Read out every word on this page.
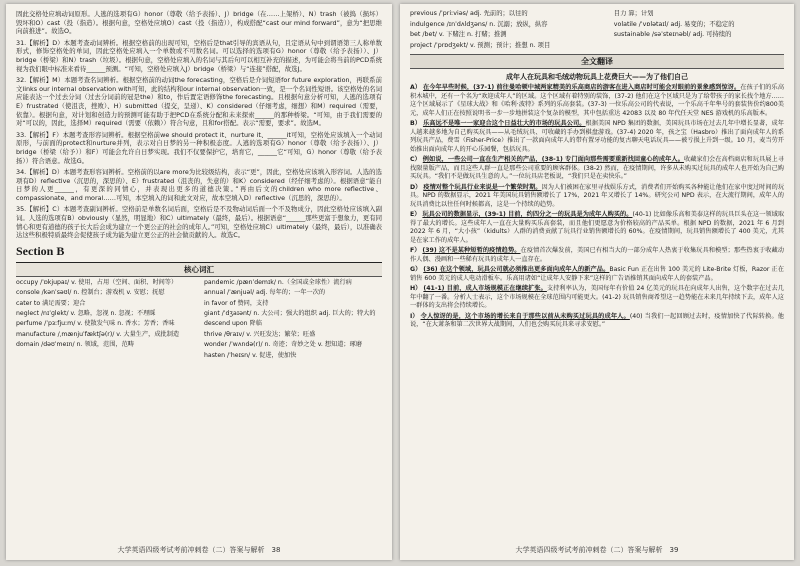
固此交格处应填动词原形。人逃的选项有G）honor（尊敬（给予表扬）、J）bridge（在……上架桥）、N）trash（被捣（损坏）毁坏和O）cast（投（指造）。根据句意，空格处应填O）cast（投（指造）），构成搭配“cast our mind forward”，意为“把思维向前推进”。故选O。

31.【解析】D）本题考查动词辨析。根据空格前的出现可知，空格后是that引导的宾语从句，且定语从句中到谓语第三人称单数形式，修饰空格处的单词，因此空格处应填入一个单数或不可数名词。可以选择的选项有G）honor（尊敬（给予表扬））、J）bridge（桥梁）和N）trash（垃圾）。根据句意，空格处应填入的名词与其后句可以相互补充的描述，为可能会将当前的PCD系统视为我们眼中标准来看待______预测。“可知，空格处应填入J）bridge（桥梁）与“连接”搭配，故选J。

32.【解析】M）本题考查名词辨析。根据空格前的动词the forecasting，空格后是介词短语for future exploration，再联系前文links our internal observation with可知，此的结构和our internal observation一致，是一个名词性短语。该空格处的名词应能表达一个过去分词（过去分词前的冠是the）和to，作后置定语修饰the forecasting。且根据句意分析可知，人逃的选项有E）frustrated（使沮丧，挫败）、H）submitted（提交，呈递）、K）considered（仔细考虑，细想）和M）required（需要，依靠）。根据句意，对计划和创造力的预测可能有助于把PCD在系统分配和未来探索______的那种桥梁。“可知，由于我们需要的对“可以的，因此，选择M）required（需要（依赖））符合句意，且和for搭配。表示“需要，要求”。故选M。

33.【解析】F）本题考查形容词辨析。根据空格前we should protect it、nurture it、______it可知，空格处应该填入一个动词原形，与前面的protect和nurture并列，表示对自日梦的另一种积极态度。人逃的选项有G）honor（尊敬（给予表扬））、J）bridge（桥梁（给予））和F）可能会允许自日梦实现。我们不仅要保护它，培育它，______它“可知，G）honor（尊敬（给予表扬））符合语意。故选G。

34.【解析】D）本题考查形容词辨析。空格前的以are more为比较级结构，表示“更”，因此，空格处应该填入形容词。人选的选项有D）reflective（沉思的，深思的）、E）frustrated（沮丧的，失意的）和K）considered（经仔细考虑的）。根据语意“能自日梦的人更______，有更深的同情心，并表现出更多的道德决策。”再由后文的children who more reflective、compassionate、and moral……可知，本空填入的词和此文对应，故本空填入D）reflective（沉思的，深思的）。

35.【解析】C）本题考查副词辨析。空格前是单数名词后面，空格后是不及物动词后面一个不及物成分，因此空格处应该填入副词。人选的选项有B）obviously（显然，明显地）和C）ultimately（最终，最后）。根据语意“______那些更富于想象力，更有同情心和更有道德的孩子长大后会成为建立一个更公正的社会的成年人。”可知，空格处应填C）ultimately（最终，最后），以准确表达这些积极特质最终会促使孩子成为能为建立更公正的社会做贡献的人。故选C。

Section B
核心词汇

occupy /ˈɒkjupaɪ/ v. 使用，占用（空间、面积、时间等）

console /kənˈsəʊl/ n. 控制台；游戏机 v. 安慰；抚慰

cater to 满足需要；迎合

neglect /nɪˈɡlekt/ v. 忽略，忽视 n. 忽视；不理睬

perfume /ˈpɜːfjuːm/ v. 使散发气味 n. 香水；芳香；香味

manufacture /ˌmænjuˈfæktʃə(r)/ v. 大量生产，成批制造

domain /dəʊˈmeɪn/ n. 领域，范围，范畴

pandemic /pænˈdemɪk/ n.（全国或全球性）流行病

annual /ˈænjuəl/ adj. 每年的；一年一次的

in favor of 赞同，支持

giant /ˈdʒaɪənt/ n. 大公司；强大的组织 adj. 巨大的；特大的

descend upon 降临

thrive /θraɪv/ v. 兴旺发达；繁荣；旺盛

wonder /ˈwʌndə(r)/ n. 奇迹；奇妙之处 v. 想知道；琢磨

hasten /ˈheɪsn/ v. 促进，使加快

大学英语四级考试考前冲刺卷（二）答案与解析　38

previous /ˈpriːviəs/ adj. 先前的；以往的

indulgence /ɪnˈdʌldʒəns/ n. 沉溺；放纵，纵容

bet /bet/ v. 下赌注 n. 打赌；推测

project /ˈprɒdʒekt/ v. 预测；预计；推想 n. 项目

目力 算；计划

volatile /ˈvɒlətaɪl/ adj. 易变的；不稳定的

sustainable /səˈsteɪnəbl/ adj. 可持续的

全文翻译
成年人在玩具和毛绒动物玩具上花费巨大——为了他们自己

A） 在今年早些时候，(37-1) 前往曼哈顿中城两家精美的乐高商店的游客在进入商店时可能会对眼前的景象感到惊讶。在孩子们的乐高积木城中，还有一个名为“欢迎成年人”的区域。这个区域有着特别的装饰，(37-2) 他们在这个区域只是为了给带孩子的家长找个地方……这个区域展示了《星球大战》和《哈利·波特》系列的乐高套装。(37-3) 一位乐高公司的代表说，一个乐高千年隼号的套装售价约800美元，成年人们正在按照说明书一步一步地拼装这个复杂的模型，其中包括重达 42083 以及 80 年代任天堂 NES 游戏机的乐高版本。

B） 乐高远不是唯一一家迎合这个日益壮大的市场的玩具公司。根据美国 NPD 集团的数据，美国玩具市场在过去几年中增长显著，成年人越来越多地为自己购买玩具——从毛绒玩具、可收藏的手办到棋盘游戏。(37-4) 2020 年，孩之宝（Hasbro）推出了面向成年人的系列玩具产品，费雪（Fisher-Price）推出了一款面向成年人的带有置牙功能的复古聊天电话玩具——被亏损上升到一级。10 月，麦当劳开始推出面向成年人的开心乐园餐，包括玩具。

C） 例如说，一些公司一直在生产相关的产品，(38-1) 专门面向那些需要重新找回童心的成年人。收藏家们会在高档商店和玩具展上寻找限量版产品，而且这些人群一直是那些公司重要的顾客群体。(38-2) 然而，在疫情期间，许多从未购买过玩具的成年人也开始为自己购买玩具。“我们不是做玩具生意的人。”一位玩具店老板说，“我们只是在卖快乐。”

D） 疫情对整个玩具行业来说是一个繁荣时期。因为人们被困在家里寻找娱乐方式，消费者们开始购买各种能让他们在家中度过时间的玩具。NPD 的数据显示，2021 年美国玩具销售额增长了 17%，2021 年又增长了 14%。研究公司 NPD 表示，在大流行期间，成年人的玩具消费比以往任何时候都高，这是一个持续的趋势。

E） 玩具公司的数据显示，(39-1) 目前，约四分之一的玩具是为成年人购买的。(40-1) 比如像乐高和美泰这样的玩具巨头在这一领域取得了最大的增长。这些成年人一直在大量购买乐高套装，而且他们更愿意为价格较高的产品买单。根据 NPD 的数据，2021 年 6 月到 2022 年 6 月，“大小孩”（kidults）人群的消费贡献了玩具行业销售额增长的 60%。在疫情期间，玩具销售额增长了 400 美元，尤其是在家工作的成年人。

F） (39) 这不是某种短暂的疫情趋势。在疫情首次爆发前，美国已有相当大的一部分成年人热衷于收集玩具和模型；那些热衷于收藏动作人偶、漫画和一些稀有玩具的成年人一直存在。

G） (36) 在这个领域，玩具公司就必须推出更多面向成年人的新产品。Basic Fun 正在出售 100 美元的 Lite-Brite 灯板，Razor 正在销售 600 美元的成人电动滑板车。乐高用诸如“让成年人安静下来”这样的广告语推销其面向成年人的套装产品。

H） (41-1) 目前，成人市场规模正在继续扩张。支持利率认为，美国每年有价值 24 亿美元的玩具在向成年人出售，这个数字在过去几年中翻了一番。分析人士表示，这个市场规模在全球范围内可能更大。(41-2) 玩具销售商希望这一趋势能在未来几年持续下去，成年人这一群体的支出将会持续增长。

I） 令人惊讶的是，这个市场的增长来自于那些以前从未购买过玩具的成年人。(40) 当我们一起回顾过去时，疫情加快了代际转换。他说，“在大萧条和第二次世界大战期间，人们也会购买玩具来寻求安慰。”

大学英语四级考试考前冲刺卷（二）答案与解析　39
